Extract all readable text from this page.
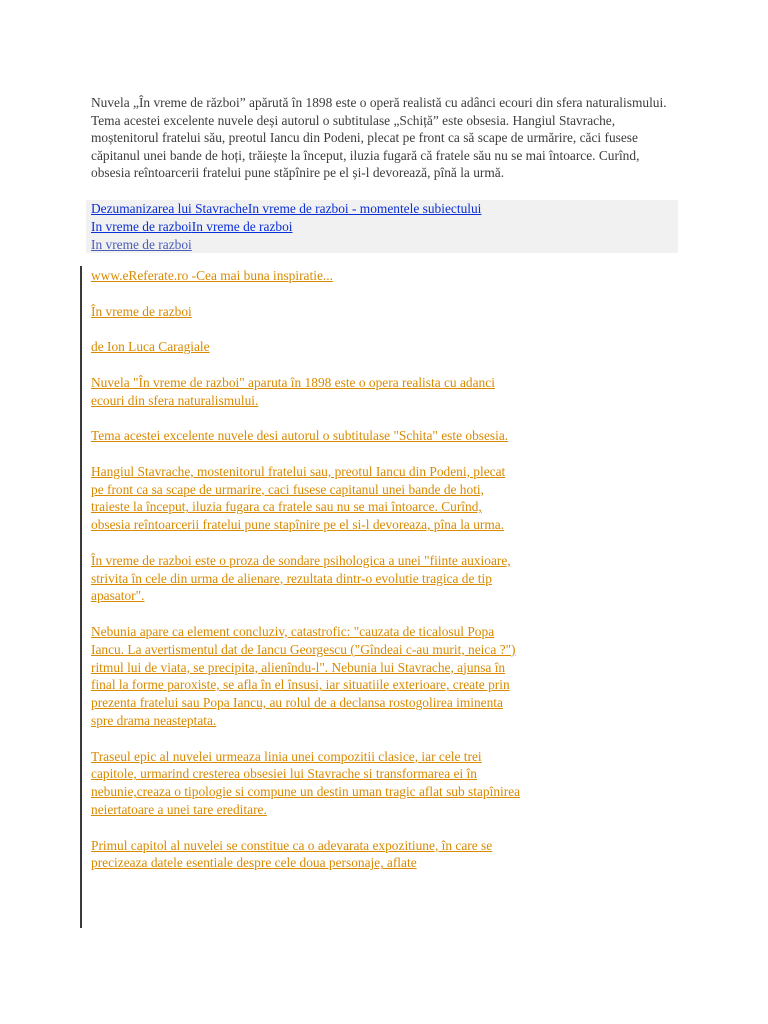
Nuvela „În vreme de război” apărută în 1898 este o operă realistă cu adânci ecouri din sfera naturalismului. Tema acestei excelente nuvele deși autorul o subtitulase „Schiță” este obsesia. Hangiul Stavrache, moștenitorul fratelui său, preotul Iancu din Podeni, plecat pe front ca să scape de urmărire, căci fusese căpitanul unei bande de hoți, trăiește la început, iluzia fugară că fratele său nu se mai întoarce. Curînd, obsesia reîntoarcerii fratelui pune stăpînire pe el și-l devorează, pînă la urmă.

Dezumanizarea lui StavracheIn vreme de razboi - momentele subiectului
In vreme de razboiIn vreme de razboi
In vreme de razboi

www.eReferate.ro -Cea mai buna inspiratie...

În vreme de razboi

de Ion Luca Caragiale

Nuvela "În vreme de razboi" aparuta în 1898 este o opera realista cu adanci ecouri din sfera naturalismului.

Tema acestei excelente nuvele desi autorul o subtitulase "Schita" este obsesia.

Hangiul Stavrache, mostenitorul fratelui sau, preotul Iancu din Podeni, plecat pe front ca sa scape de urmarire, caci fusese capitanul unei bande de hoti, traieste la început, iluzia fugara ca fratele sau nu se mai întoarce. Curînd, obsesia reîntoarcerii fratelui pune stapînire pe el si-l devoreaza, pîna la urma.

În vreme de razboi este o proza de sondare psihologica a unei "fiinte auxioare, strivita în cele din urma de alienare, rezultata dintr-o evolutie tragica de tip apasator".

Nebunia apare ca element concluziv, catastrofic: "cauzata de ticalosul Popa Iancu. La avertismentul dat de Iancu Georgescu ("Gîndeai c-au murit, neica ?") ritmul lui de viata, se precipita, alienîndu-l". Nebunia lui Stavrache, ajunsa în final la forme paroxiste, se afla în el însusi, iar situatiile exterioare, create prin prezenta fratelui sau Popa Iancu, au rolul de a declansa rostogolirea iminenta spre drama neasteptata.

Traseul epic al nuvelei urmeaza linia unei compozitii clasice, iar cele trei capitole, urmarind cresterea obsesiei lui Stavrache si transformarea ei în nebunie,creaza o tipologie si compune un destin uman tragic aflat sub stapînirea neiertatoare a unei tare ereditare.

Primul capitol al nuvelei se constitue ca o adevarata expozitiune, în care se precizeaza datele esentiale despre cele doua personaje, aflate
